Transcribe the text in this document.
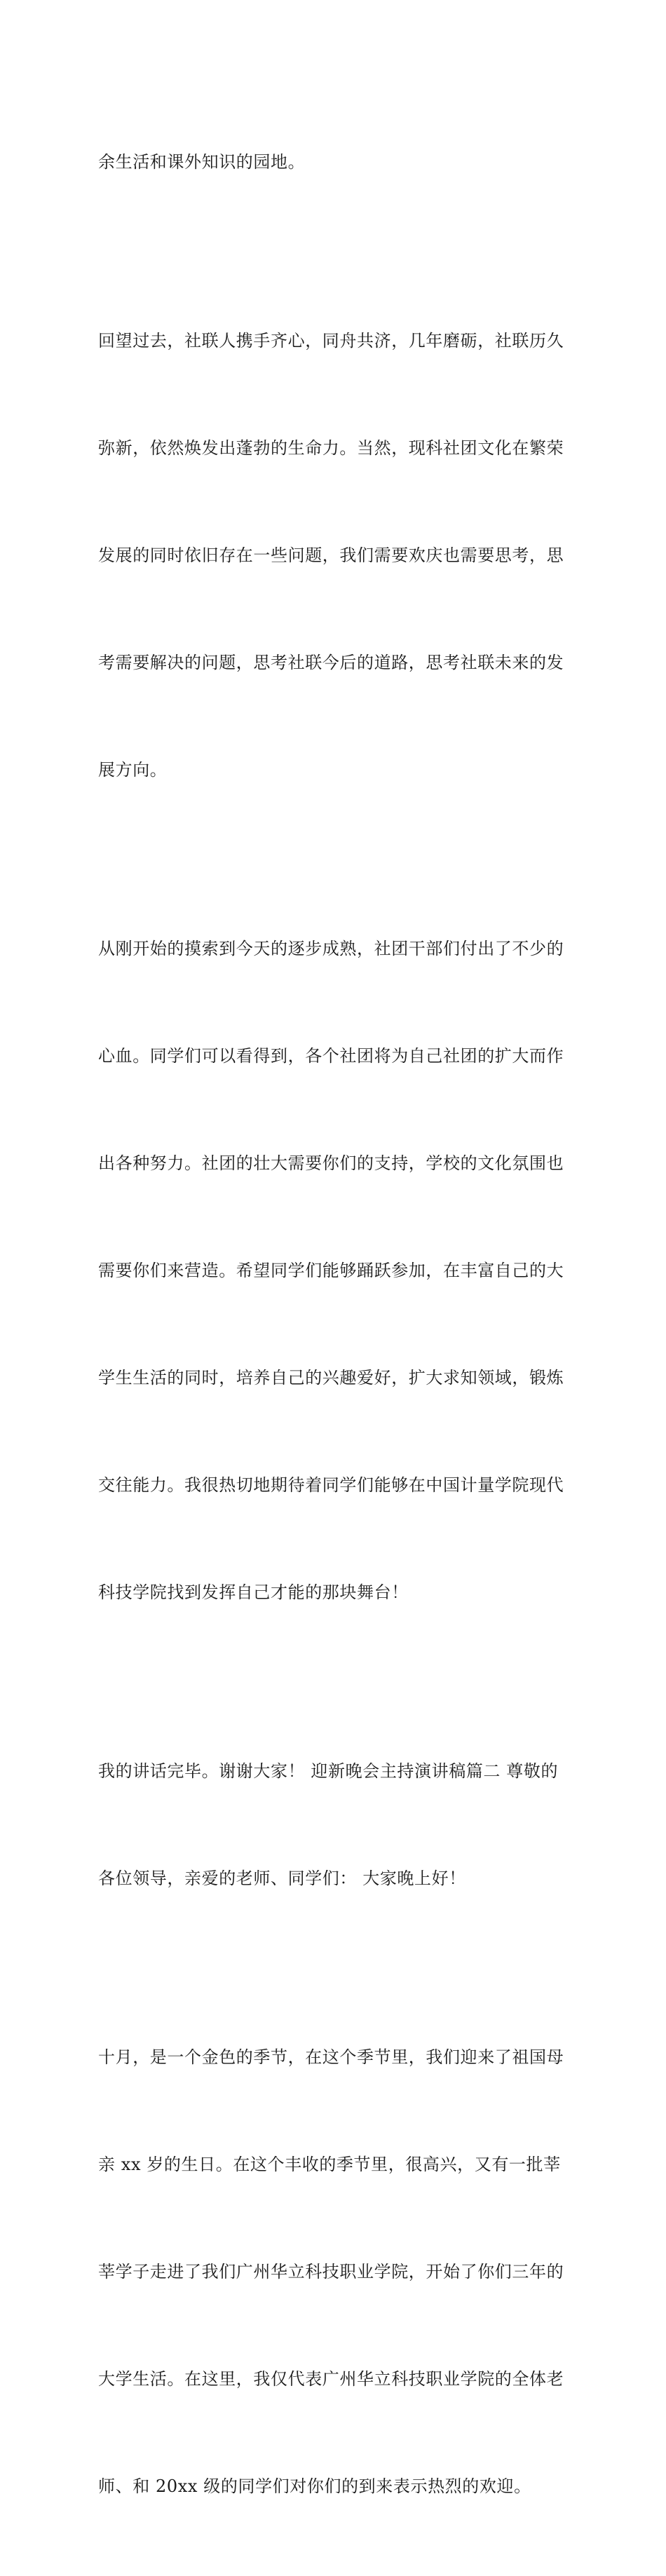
余生活和课外知识的园地。

回望过去，社联人携手齐心，同舟共济，几年磨砺，社联历久

弥新，依然焕发出蓬勃的生命力。当然，现科社团文化在繁荣

发展的同时依旧存在一些问题，我们需要欢庆也需要思考，思

考需要解决的问题，思考社联今后的道路，思考社联未来的发

展方向。

从刚开始的摸索到今天的逐步成熟，社团干部们付出了不少的

心血。同学们可以看得到，各个社团将为自己社团的扩大而作

出各种努力。社团的壮大需要你们的支持，学校的文化氛围也

需要你们来营造。希望同学们能够踊跃参加，在丰富自己的大

学生生活的同时，培养自己的兴趣爱好，扩大求知领域，锻炼

交往能力。我很热切地期待着同学们能够在中国计量学院现代

科技学院找到发挥自己才能的那块舞台！

我的讲话完毕。谢谢大家！ 迎新晚会主持演讲稿篇二 尊敬的

各位领导，亲爱的老师、同学们： 大家晚上好！

十月，是一个金色的季节，在这个季节里，我们迎来了祖国母

亲 xx 岁的生日。在这个丰收的季节里，很高兴，又有一批莘

莘学子走进了我们广州华立科技职业学院，开始了你们三年的

大学生活。在这里，我仅代表广州华立科技职业学院的全体老

师、和 20xx 级的同学们对你们的到来表示热烈的欢迎。
